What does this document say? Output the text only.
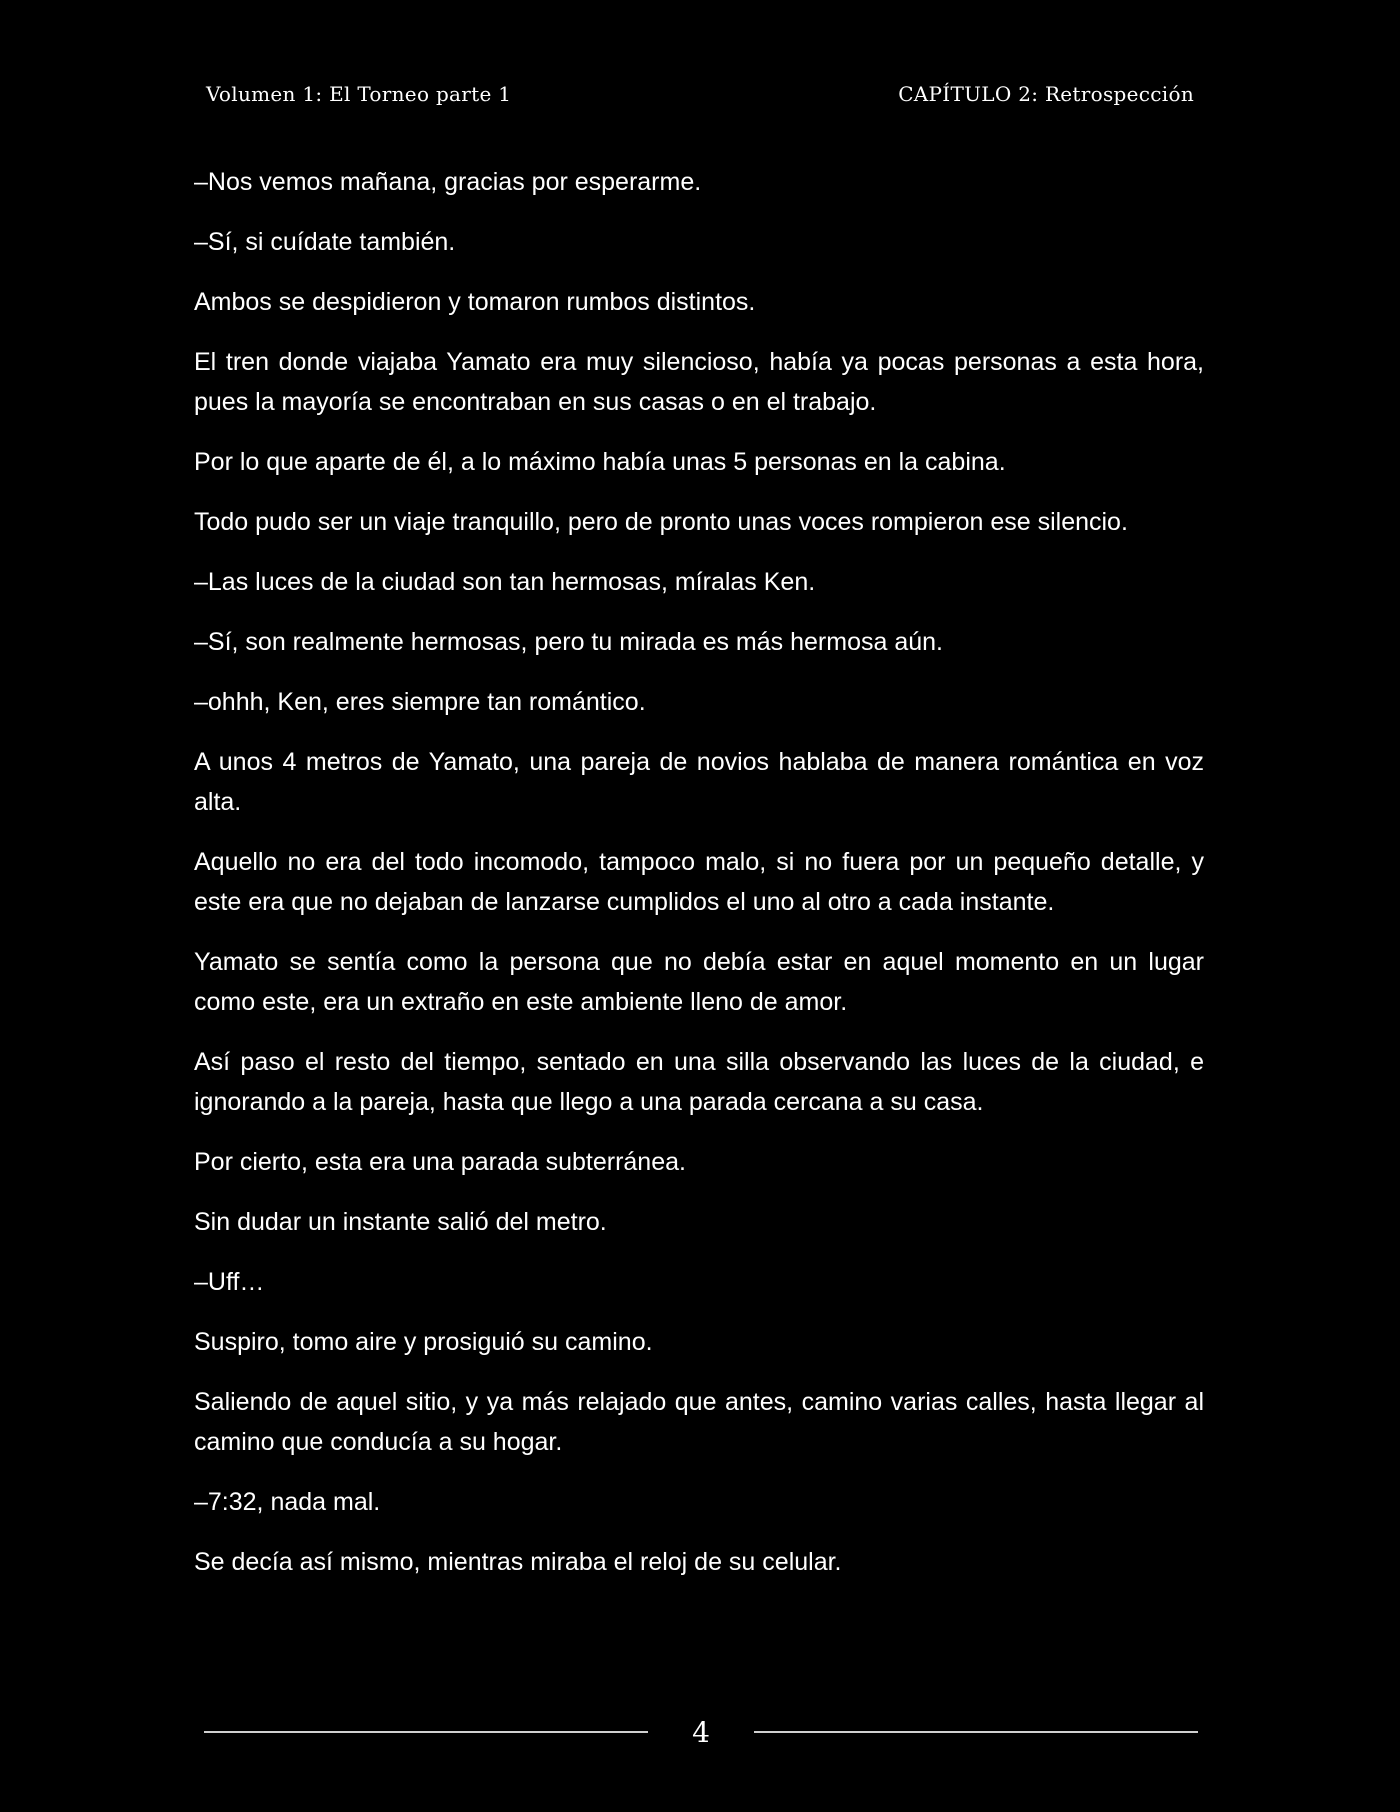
Volumen 1: El Torneo parte 1	CAPÍTULO 2: Retrospección

–Nos vemos mañana, gracias por esperarme.

–Sí, si cuídate también.

Ambos se despidieron y tomaron rumbos distintos.

El tren donde viajaba Yamato era muy silencioso, había ya pocas personas a esta hora, pues la mayoría se encontraban en sus casas o en el trabajo.

Por lo que aparte de él, a lo máximo había unas 5 personas en la cabina.

Todo pudo ser un viaje tranquillo, pero de pronto unas voces rompieron ese silencio.

–Las luces de la ciudad son tan hermosas, míralas Ken.

–Sí, son realmente hermosas, pero tu mirada es más hermosa aún.

–ohhh, Ken, eres siempre tan romántico.

A unos 4 metros de Yamato, una pareja de novios hablaba de manera romántica en voz alta.

Aquello no era del todo incomodo, tampoco malo, si no fuera por un pequeño detalle, y este era que no dejaban de lanzarse cumplidos el uno al otro a cada instante.

Yamato se sentía como la persona que no debía estar en aquel momento en un lugar como este, era un extraño en este ambiente lleno de amor.

Así paso el resto del tiempo, sentado en una silla observando las luces de la ciudad, e ignorando a la pareja, hasta que llego a una parada cercana a su casa.

Por cierto, esta era una parada subterránea.

Sin dudar un instante salió del metro.

–Uff…

Suspiro, tomo aire y prosiguió su camino.

Saliendo de aquel sitio, y ya más relajado que antes, camino varias calles, hasta llegar al camino que conducía a su hogar.

–7:32, nada mal.

Se decía así mismo, mientras miraba el reloj de su celular.

4
